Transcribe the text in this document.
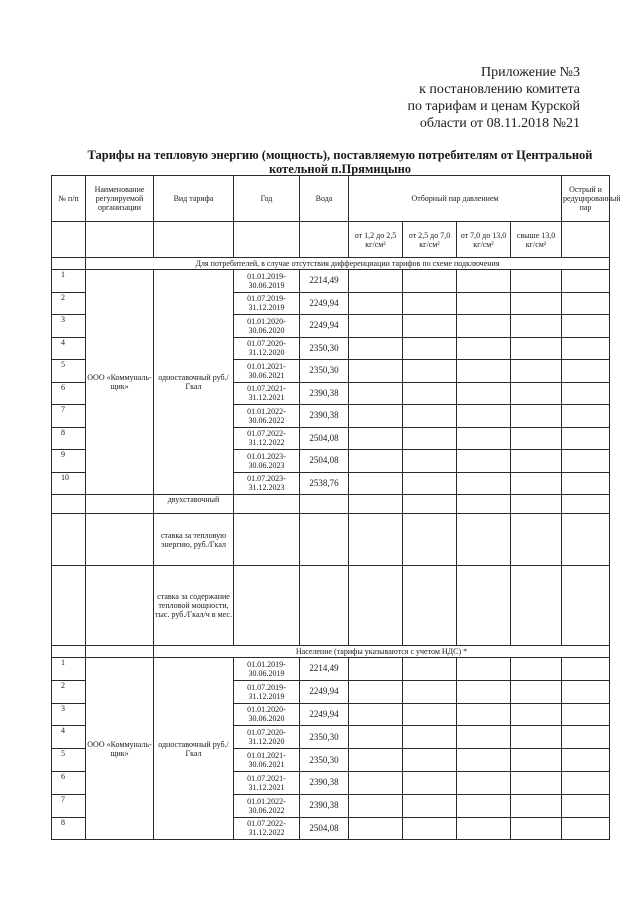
Приложение №3
к постановлению комитета
по тарифам и ценам Курской
области от 08.11.2018 №21
Тарифы на тепловую энергию (мощность), поставляемую потребителям от Центральной
котельной п.Прямицыно
№ п/п	Наименование регулируемой организации	Вид тарифа	Год	Вода	Отборный пар давлением				Острый и редуцированный пар
					от 1,2 до 2,5 кг/см²	от 2,5 до 7,0 кг/см²	от 7,0 до 13,0 кг/см²	свыше 13,0 кг/см²	
	Для потребителей, в случае отсутствия дифференциации тарифов по схеме подключения								
1	ООО «Коммуналь-щик»	одноставочный руб./Гкал	01.01.2019-30.06.2019	2214,49					
2			01.07.2019-31.12.2019	2249,94					
3			01.01.2020-30.06.2020	2249,94					
4			01.07.2020-31.12.2020	2350,30					
5			01.01.2021-30.06.2021	2350,30					
6			01.07.2021-31.12.2021	2390,38					
7			01.01.2022-30.06.2022	2390,38					
8			01.07.2022-31.12.2022	2504,08					
9			01.01.2023-30.06.2023	2504,08					
10			01.07.2023-31.12.2023	2538,76					
		двухставочный							
		ставка за тепловую энергию, руб./Гкал							
		ставка за содержание тепловой мощности, тыс. руб./Гкал/ч в мес.							
		Население (тарифы указываются с учетом НДС) *							
1	ООО «Коммуналь-щик»	одноставочный руб./Гкал	01.01.2019-30.06.2019	2214,49					
2			01.07.2019-31.12.2019	2249,94					
3			01.01.2020-30.06.2020	2249,94					
4			01.07.2020-31.12.2020	2350,30					
5			01.01.2021-30.06.2021	2350,30					
6			01.07.2021-31.12.2021	2390,38					
7			01.01.2022-30.06.2022	2390,38					
8			01.07.2022-31.12.2022	2504,08					
